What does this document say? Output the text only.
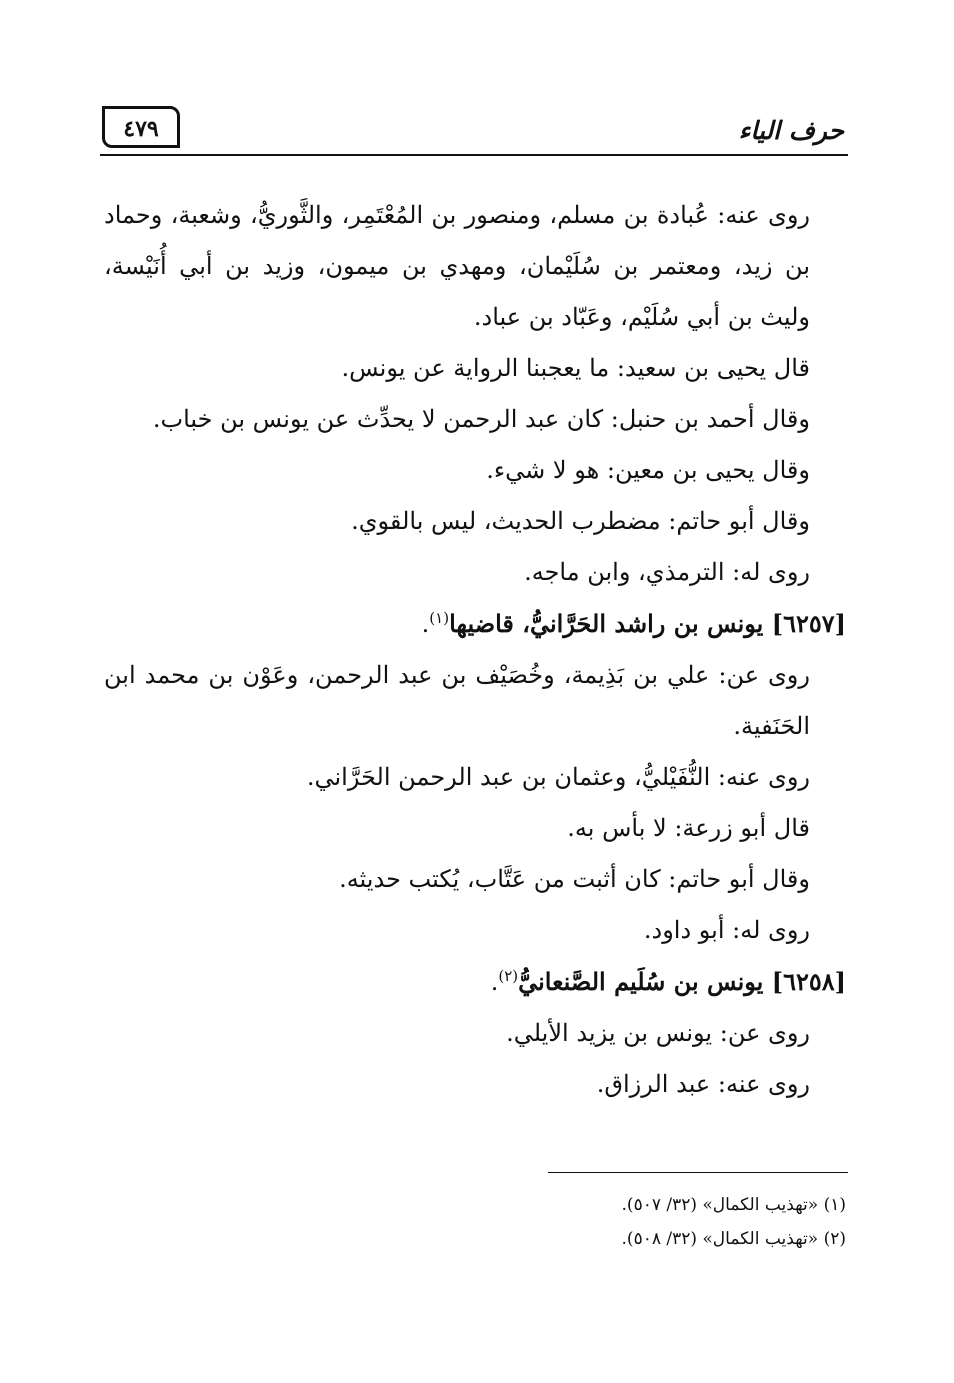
حرف الياء
٤٧٩

روى عنه: عُبادة بن مسلم، ومنصور بن المُعْتَمِر، والثَّوريُّ، وشعبة، وحماد بن زيد، ومعتمر بن سُلَيْمان، ومهدي بن ميمون، وزيد بن أبي أُنَيْسة، وليث بن أبي سُلَيْم، وعَبّاد بن عباد.

قال يحيى بن سعيد: ما يعجبنا الرواية عن يونس.

وقال أحمد بن حنبل: كان عبد الرحمن لا يحدِّث عن يونس بن خباب.

وقال يحيى بن معين: هو لا شيء.

وقال أبو حاتم: مضطرب الحديث، ليس بالقوي.

روى له: الترمذي، وابن ماجه.

[٦٢٥٧] يونس بن راشد الحَرَّانيُّ، قاضيها$^{(١)}$.

روى عن: علي بن بَذِيمة، وخُصَيْف بن عبد الرحمن، وعَوْن بن محمد ابن الحَنَفية.

روى عنه: النُّفَيْليُّ، وعثمان بن عبد الرحمن الحَرَّاني.

قال أبو زرعة: لا بأس به.

وقال أبو حاتم: كان أثبت من عَتَّاب، يُكتب حديثه.

روى له: أبو داود.

[٦٢٥٨] يونس بن سُلَيم الصَّنعانيُّ$^{(٢)}$.

روى عن: يونس بن يزيد الأيلي.

روى عنه: عبد الرزاق.

(١) «تهذيب الكمال» (٣٢/ ٥٠٧).

(٢) «تهذيب الكمال» (٣٢/ ٥٠٨).
